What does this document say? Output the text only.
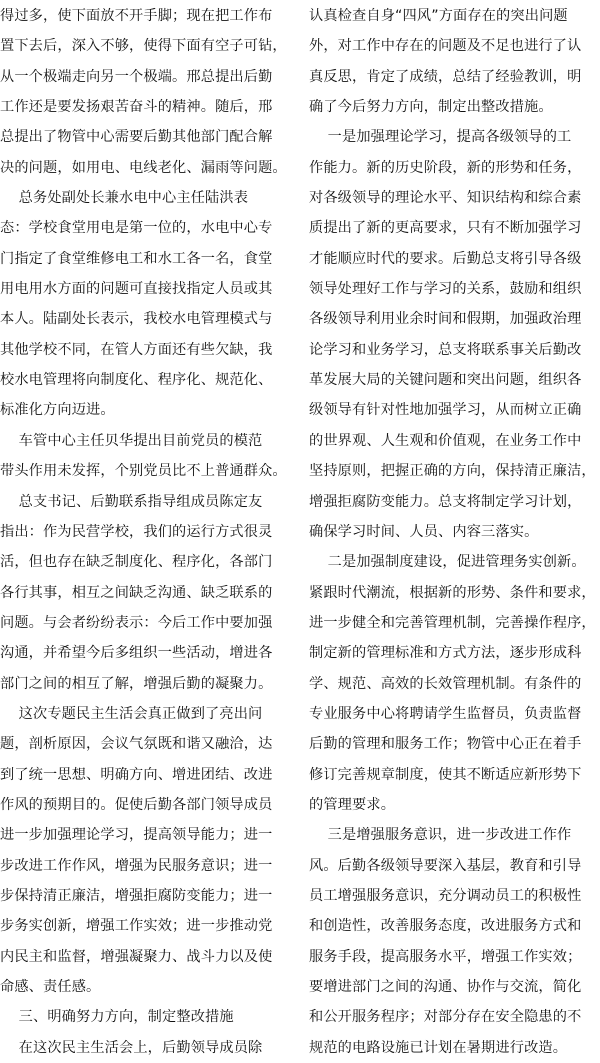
得过多，使下面放不开手脚；现在把工作布
置下去后，深入不够，使得下面有空子可钻，
从一个极端走向另一个极端。邢总提出后勤
工作还是要发扬艰苦奋斗的精神。随后，邢
总提出了物管中心需要后勤其他部门配合解
决的问题，如用电、电线老化、漏雨等问题。
总务处副处长兼水电中心主任陆洪表
态：学校食堂用电是第一位的，水电中心专
门指定了食堂维修电工和水工各一名，食堂
用电用水方面的问题可直接找指定人员或其
本人。陆副处长表示，我校水电管理模式与
其他学校不同，在管人方面还有些欠缺，我
校水电管理将向制度化、程序化、规范化、
标准化方向迈进。
车管中心主任贝华提出目前党员的模范
带头作用未发挥，个别党员比不上普通群众。
总支书记、后勤联系指导组成员陈定友
指出：作为民营学校，我们的运行方式很灵
活，但也存在缺乏制度化、程序化，各部门
各行其事，相互之间缺乏沟通、缺乏联系的
问题。与会者纷纷表示：今后工作中要加强
沟通，并希望今后多组织一些活动，增进各
部门之间的相互了解，增强后勤的凝聚力。
这次专题民主生活会真正做到了亮出问
题，剖析原因，会议气氛既和谐又融洽，达
到了统一思想、明确方向、增进团结、改进
作风的预期目的。促使后勤各部门领导成员
进一步加强理论学习，提高领导能力；进一
步改进工作作风，增强为民服务意识；进一
步保持清正廉洁，增强拒腐防变能力；进一
步务实创新，增强工作实效；进一步推动党
内民主和监督，增强凝聚力、战斗力以及使
命感、责任感。
三、明确努力方向，制定整改措施
在这次民主生活会上，后勤领导成员除
认真检查自身“四风”方面存在的突出问题
外，对工作中存在的问题及不足也进行了认
真反思，肯定了成绩，总结了经验教训，明
确了今后努力方向，制定出整改措施。
一是加强理论学习，提高各级领导的工
作能力。新的历史阶段，新的形势和任务，
对各级领导的理论水平、知识结构和综合素
质提出了新的更高要求，只有不断加强学习
才能顺应时代的要求。后勤总支将引导各级
领导处理好工作与学习的关系，鼓励和组织
各级领导利用业余时间和假期，加强政治理
论学习和业务学习，总支将联系事关后勤改
革发展大局的关键问题和突出问题，组织各
级领导有针对性地加强学习，从而树立正确
的世界观、人生观和价值观，在业务工作中
坚持原则，把握正确的方向，保持清正廉洁，
增强拒腐防变能力。总支将制定学习计划，
确保学习时间、人员、内容三落实。
二是加强制度建设，促进管理务实创新。
紧跟时代潮流，根据新的形势、条件和要求，
进一步健全和完善管理机制，完善操作程序，
制定新的管理标准和方式方法，逐步形成科
学、规范、高效的长效管理机制。有条件的
专业服务中心将聘请学生监督员，负责监督
后勤的管理和服务工作；物管中心正在着手
修订完善规章制度，使其不断适应新形势下
的管理要求。
三是增强服务意识，进一步改进工作作
风。后勤各级领导要深入基层，教育和引导
员工增强服务意识，充分调动员工的积极性
和创造性，改善服务态度，改进服务方式和
服务手段，提高服务水平，增强工作实效；
要增进部门之间的沟通、协作与交流，简化
和公开服务程序；对部分存在安全隐患的不
规范的电路设施已计划在暑期进行改造。
